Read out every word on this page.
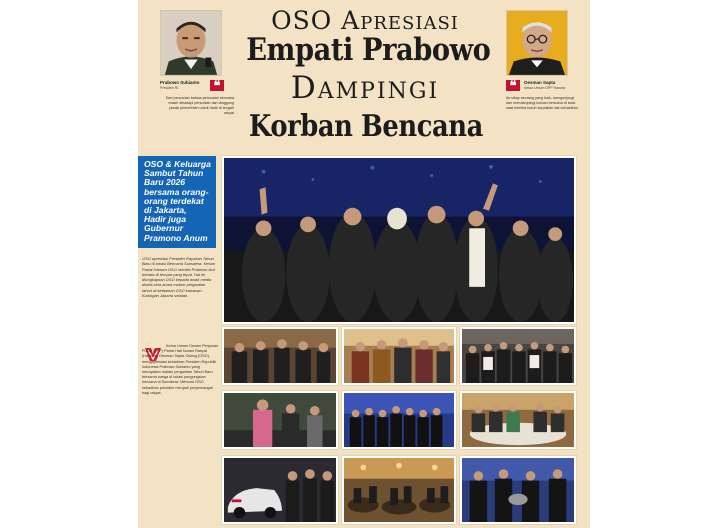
Prabowo Subianto
Presiden RI	❝
Dari pencarian bahwa persoalan bencana masih dihadapi persoalan dan tanggung jawab pemerintah untuk hadir di tengah rakyat
OSO Apresiasi
Empati Prabowo
Dampingi
Korban Bencana
❝	Oesman Sapta
Ketua Umum DPP Hanura
Itu sikap seorang yang baik, mengunjungi dan mendampingi korban bencana di saat-saat mereka butuh kepastian dan kehadiran
OSO & Keluarga
Sambut Tahun
Baru 2026
bersama orang-
orang terdekat
di Jakarta,
Hadir juga
Gubernur
Pramono Anum
OSO apresiasi Presiden Rayakan Tahun Baru di lokasi Bencana Sumatera. Ketum Partai Hanura OSO menilai Prabowo ikut berada di tempat yang tepat. Hal ini diungkapkan OSO kepada awak media disela-sela acara malam pergantian tahun di kediaman OSO kawasan Kuningan Jakarta selatan.
Ketua Umum Dewan Pimpinan Pusat (DPP) Partai Hati Nurani Rakyat (Hanura), Oesman Sapta Odang (OSO), mengapresiasi kehadiran Presiden Republik Indonesia Prabowo Subianto yang merayakan malam pergantian Tahun Baru bersama warga di lokasi pengungsian bencana di Sumatera. Menurut OSO kehadiran presiden menjadi penyemangat bagi rakyat.
